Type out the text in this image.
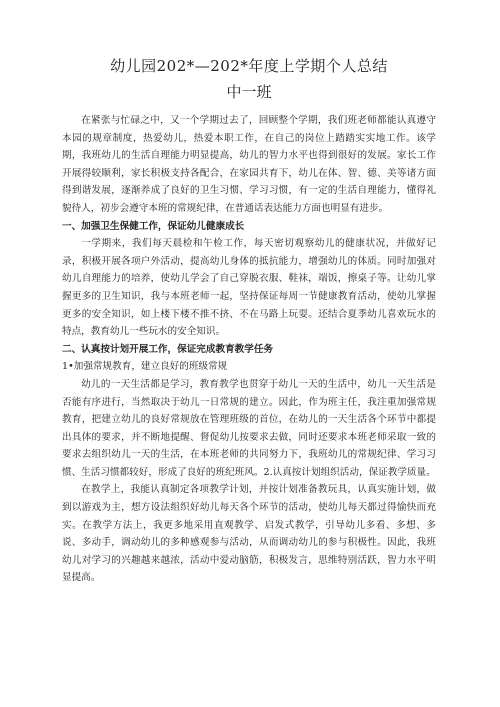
幼儿园202*—202*年度上学期个人总结
中一班

在紧张与忙碌之中，又一个学期过去了，回顾整个学期，我们班老师都能认真遵守本园的规章制度，热爱幼儿，热爱本职工作，在自己的岗位上踏踏实实地工作。该学期，我班幼儿的生活自理能力明显提高，幼儿的智力水平也得到很好的发展。家长工作开展得较顺利，家长积极支持各配合，在家园共育下，幼儿在体、智、德、美等诸方面得到谐发展，逐渐养成了良好的卫生习惯、学习习惯，有一定的生活自理能力，懂得礼貌待人，初步会遵守本班的常规纪律，在普通话表达能力方面也明显有进步。

一、加强卫生保健工作，保证幼儿健康成长

一学期来，我们每天晨检和午检工作，每天密切观察幼儿的健康状况，并做好记录，积极开展各项户外活动，提高幼儿身体的抵抗能力，增强幼儿的体质。同时加强对幼儿自理能力的培养，使幼儿学会了自己穿脱衣服、鞋袜，端饭，擦桌子等。让幼儿掌握更多的卫生知识，我与本班老师一起，坚持保证每周一节健康教育活动，使幼儿掌握更多的安全知识，如上楼下楼不推不挤、不在马路上玩耍。还结合夏季幼儿喜欢玩水的特点，教育幼儿一些玩水的安全知识。

二、认真按计划开展工作，保证完成教育教学任务

1•加强常规教育，建立良好的班级常规

幼儿的一天生活都是学习，教育教学也贯穿于幼儿一天的生活中，幼儿一天生活是否能有序进行，当然取决于幼儿一日常规的建立。因此，作为班主任，我注重加强常规教育，把建立幼儿的良好常规放在管理班级的首位，在幼儿的一天生活各个环节中都提出具体的要求，并不断地提醒、督促幼儿按要求去做，同时还要求本班老师采取一致的要求去组织幼儿一天的生活，在本班老师的共同努力下，我班幼儿的常规纪律、学习习惯、生活习惯都较好，形成了良好的班纪班风。2.认真按计划组织活动，保证教学质量。

在教学上，我能认真制定各项教学计划，并按计划准备教玩具，认真实施计划，做到以游戏为主，想方设法组织好幼儿每天各个环节的活动，使幼儿每天都过得愉快而充实。在教学方法上，我更多地采用直观教学、启发式教学，引导幼儿多看、多想、多说、多动手，调动幼儿的多种感观参与活动，从而调动幼儿的参与积极性。因此，我班幼儿对学习的兴趣越来越浓，活动中爱动脑筋，积极发言，思维特别活跃，智力水平明显提高。
